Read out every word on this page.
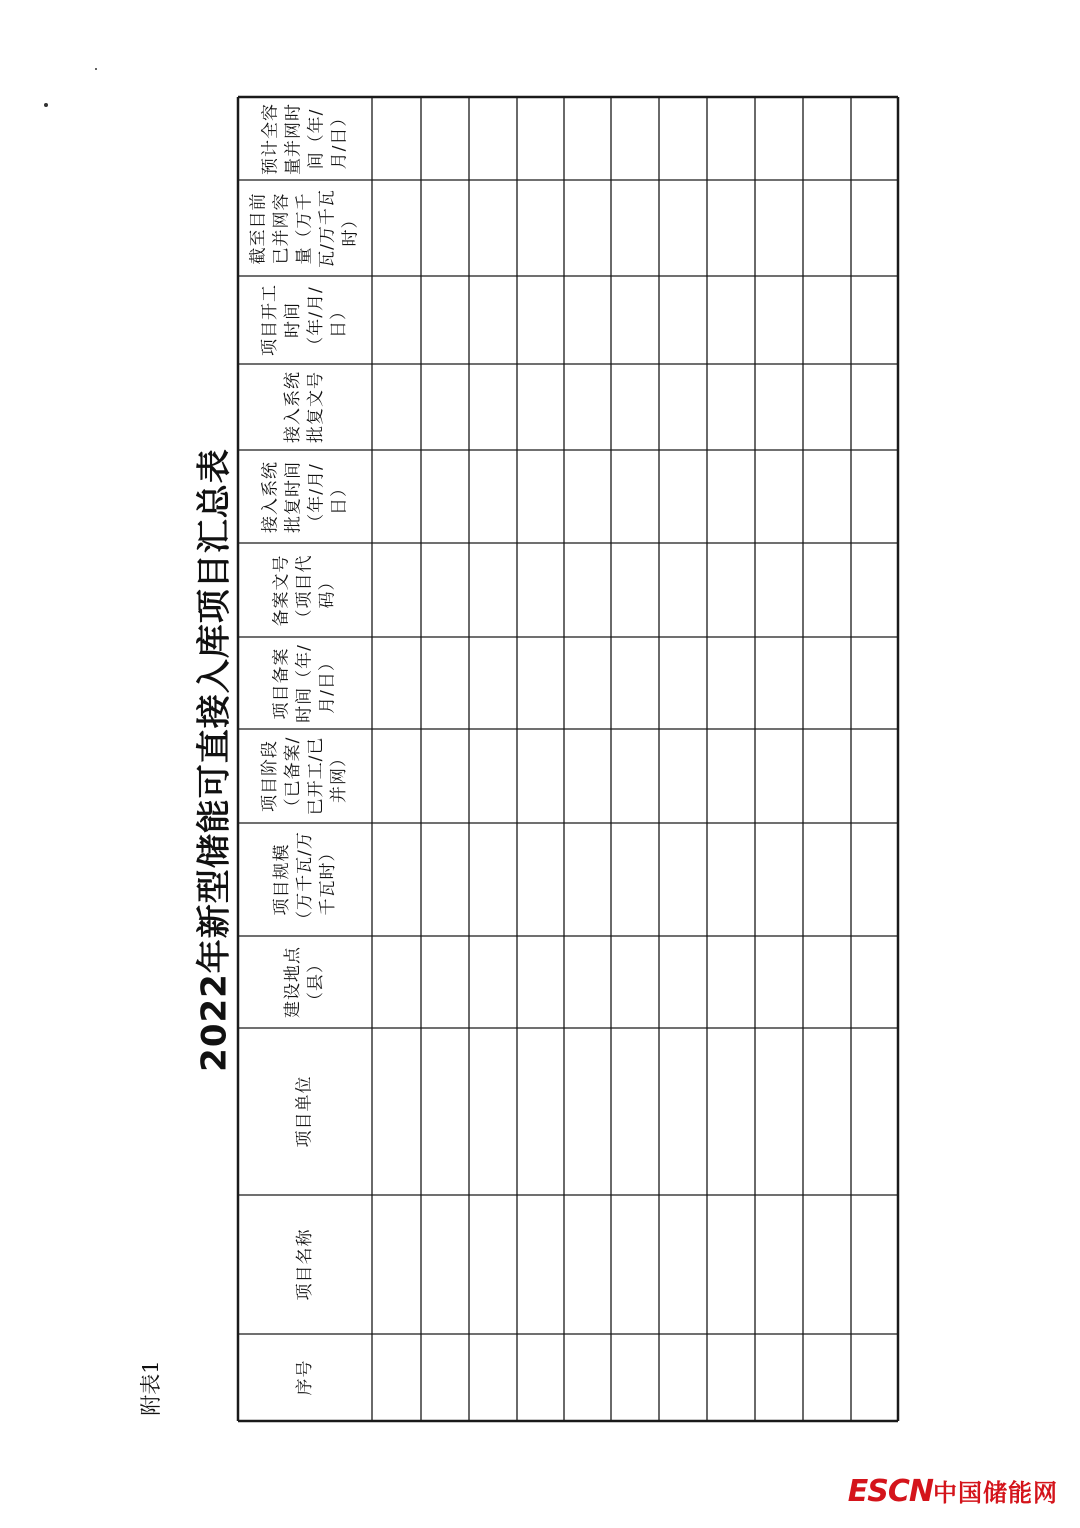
2022年新型储能可直接入库项目汇总表
附表1	序号
项目名称
项目单位
建设地点（县）
项目规模（万千瓦/万千瓦时）
项目阶段（已备案/已开工/已并网）
项目备案时间（年/月/日）
备案文号（项目代码）
接入系统批复时间（年/月/日）
接入系统批复文号
项目开工时间（年/月/日）
截至目前已并网容量（万千瓦/万千瓦时）
预计全容量并网时间（年/月/日）
ESCN中国储能网
